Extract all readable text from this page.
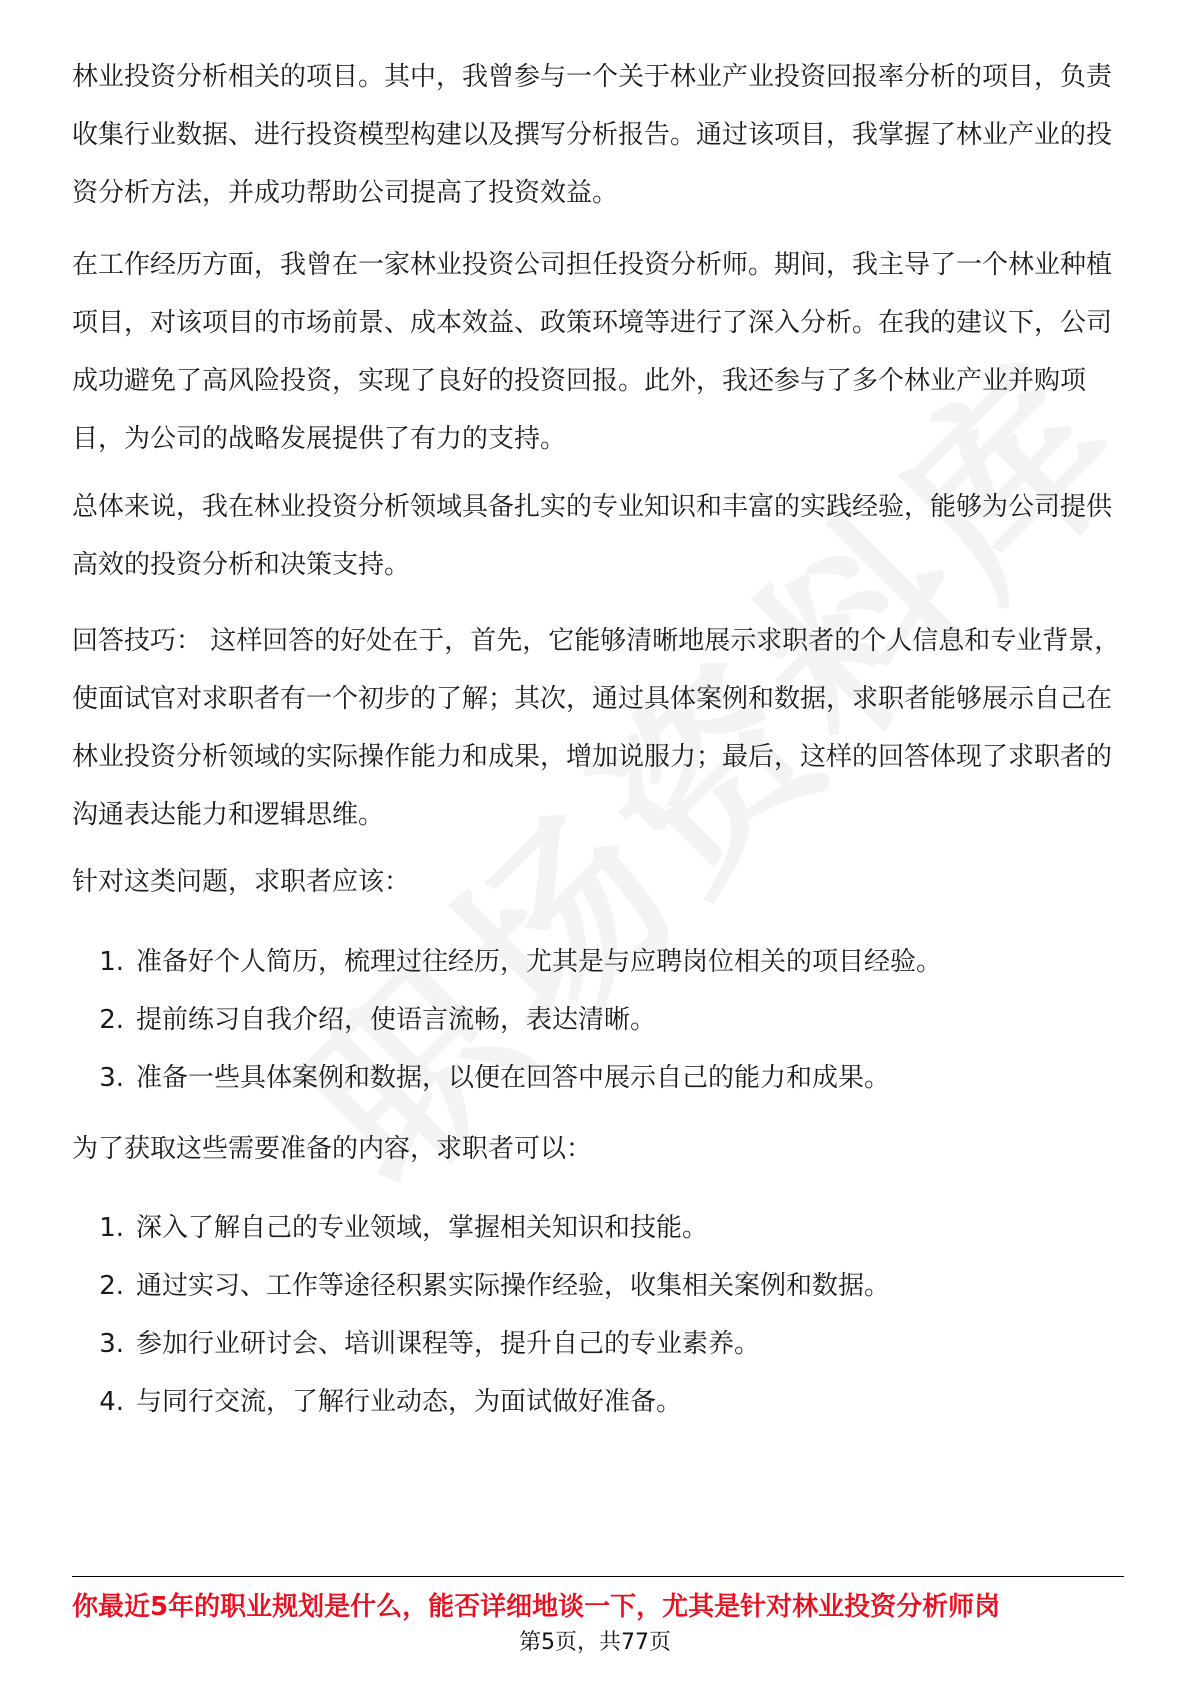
林业投资分析相关的项目。其中，我曾参与一个关于林业产业投资回报率分析的项目，负责收集行业数据、进行投资模型构建以及撰写分析报告。通过该项目，我掌握了林业产业的投资分析方法，并成功帮助公司提高了投资效益。

在工作经历方面，我曾在一家林业投资公司担任投资分析师。期间，我主导了一个林业种植项目，对该项目的市场前景、成本效益、政策环境等进行了深入分析。在我的建议下，公司成功避免了高风险投资，实现了良好的投资回报。此外，我还参与了多个林业产业并购项目，为公司的战略发展提供了有力的支持。

总体来说，我在林业投资分析领域具备扎实的专业知识和丰富的实践经验，能够为公司提供高效的投资分析和决策支持。

回答技巧： 这样回答的好处在于，首先，它能够清晰地展示求职者的个人信息和专业背景，使面试官对求职者有一个初步的了解；其次，通过具体案例和数据，求职者能够展示自己在林业投资分析领域的实际操作能力和成果，增加说服力；最后，这样的回答体现了求职者的沟通表达能力和逻辑思维。

针对这类问题，求职者应该：

1. 准备好个人简历，梳理过往经历，尤其是与应聘岗位相关的项目经验。
2. 提前练习自我介绍，使语言流畅，表达清晰。
3. 准备一些具体案例和数据，以便在回答中展示自己的能力和成果。

为了获取这些需要准备的内容，求职者可以：

1. 深入了解自己的专业领域，掌握相关知识和技能。
2. 通过实习、工作等途径积累实际操作经验，收集相关案例和数据。
3. 参加行业研讨会、培训课程等，提升自己的专业素养。
4. 与同行交流，了解行业动态，为面试做好准备。
你最近5年的职业规划是什么，能否详细地谈一下，尤其是针对林业投资分析师岗
第5页，共77页
